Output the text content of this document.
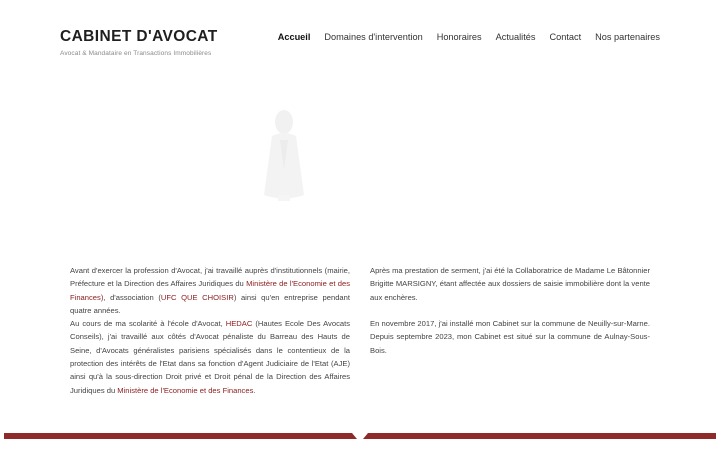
CABINET D'AVOCAT
Avocat & Mandataire en Transactions Immobilières
Accueil Domaines d'intervention Honoraires Actualités Contact Nos partenaires

Avant d'exercer la profession d'Avocat, j'ai travaillé auprès d'institutionnels (mairie, Préfecture et la Direction des Affaires Juridiques du Ministère de l'Economie et des Finances), d'association (UFC QUE CHOISIR) ainsi qu'en entreprise pendant quatre années.

Au cours de ma scolarité à l'école d'Avocat, HEDAC (Hautes Ecole Des Avocats Conseils), j'ai travaillé aux côtés d'Avocat pénaliste du Barreau des Hauts de Seine, d'Avocats généralistes parisiens spécialisés dans le contentieux de la protection des intérêts de l'Etat dans sa fonction d'Agent Judiciaire de l'Etat (AJE) ainsi qu'à la sous-direction Droit privé et Droit pénal de la Direction des Affaires Juridiques du Ministère de l'Economie et des Finances.

Après ma prestation de serment, j'ai été la Collaboratrice de Madame Le Bâtonnier Brigitte MARSIGNY, étant affectée aux dossiers de saisie immobilière dont la vente aux enchères.

En novembre 2017, j'ai installé mon Cabinet sur la commune de Neuilly-sur-Marne. Depuis septembre 2023, mon Cabinet est situé sur la commune de Aulnay-Sous-Bois.
